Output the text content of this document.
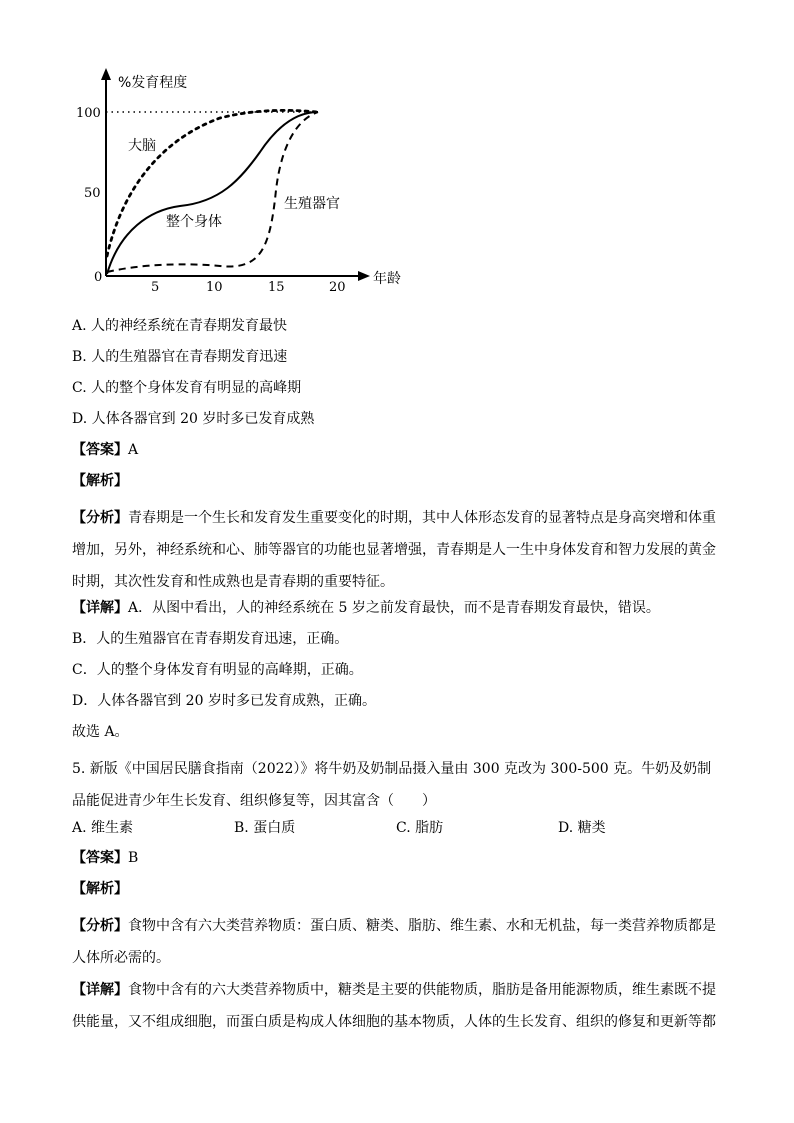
100
50
0
5	10	15	20
%发育程度
年龄
大脑
整个身体
生殖器官
A. 人的神经系统在青春期发育最快
B. 人的生殖器官在青春期发育迅速
C. 人的整个身体发育有明显的高峰期
D. 人体各器官到 20 岁时多已发育成熟
【答案】A
【解析】
【分析】青春期是一个生长和发育发生重要变化的时期，其中人体形态发育的显著特点是身高突增和体重增加，另外，神经系统和心、肺等器官的功能也显著增强，青春期是人一生中身体发育和智力发展的黄金时期，其次性发育和性成熟也是青春期的重要特征。
【详解】A．从图中看出，人的神经系统在 5 岁之前发育最快，而不是青春期发育最快，错误。
B．人的生殖器官在青春期发育迅速，正确。
C．人的整个身体发育有明显的高峰期，正确。
D．人体各器官到 20 岁时多已发育成熟，正确。
故选 A。
5. 新版《中国居民膳食指南（2022）》将牛奶及奶制品摄入量由 300 克改为 300-500 克。牛奶及奶制品能促进青少年生长发育、组织修复等，因其富含（　　）
A. 维生素	B. 蛋白质	C. 脂肪	D. 糖类
【答案】B
【解析】
【分析】食物中含有六大类营养物质：蛋白质、糖类、脂肪、维生素、水和无机盐，每一类营养物质都是人体所必需的。
【详解】食物中含有的六大类营养物质中，糖类是主要的供能物质，脂肪是备用能源物质，维生素既不提供能量，又不组成细胞，而蛋白质是构成人体细胞的基本物质，人体的生长发育、组织的修复和更新等都
